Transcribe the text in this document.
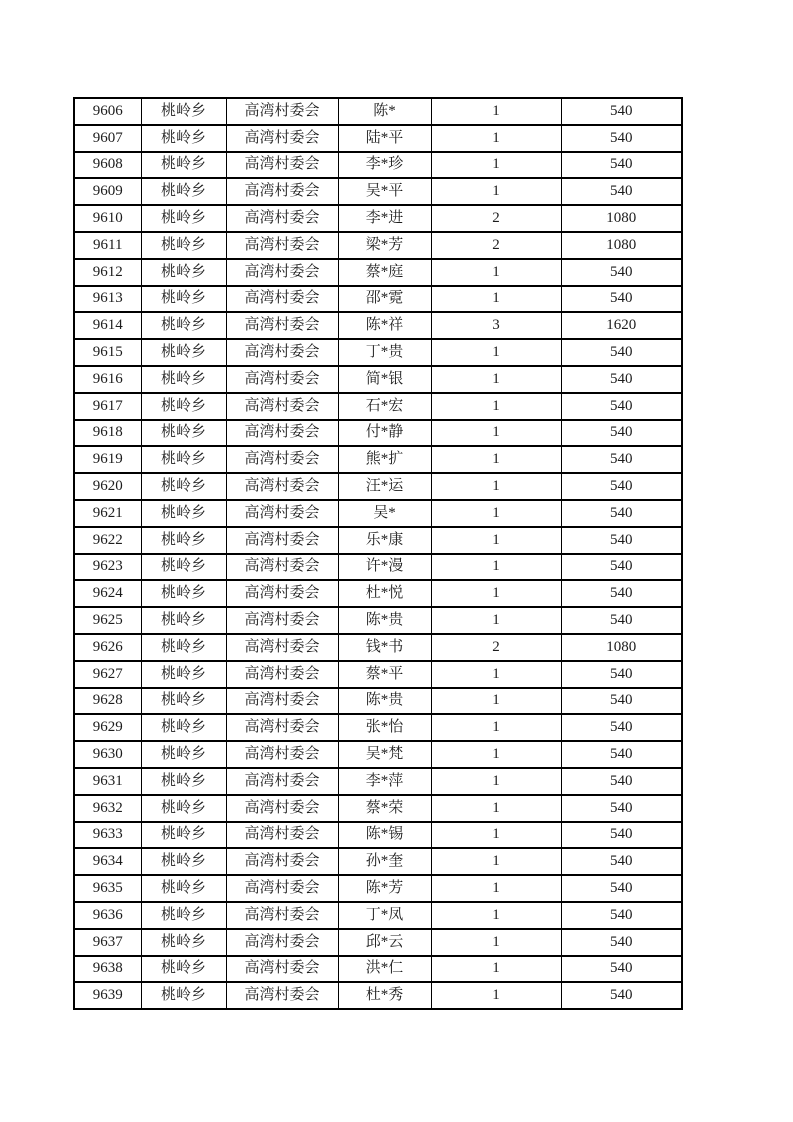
9606	桃岭乡	高湾村委会	陈*	1	540
9607	桃岭乡	高湾村委会	陆*平	1	540
9608	桃岭乡	高湾村委会	李*珍	1	540
9609	桃岭乡	高湾村委会	吴*平	1	540
9610	桃岭乡	高湾村委会	李*进	2	1080
9611	桃岭乡	高湾村委会	梁*芳	2	1080
9612	桃岭乡	高湾村委会	蔡*庭	1	540
9613	桃岭乡	高湾村委会	邵*霓	1	540
9614	桃岭乡	高湾村委会	陈*祥	3	1620
9615	桃岭乡	高湾村委会	丁*贵	1	540
9616	桃岭乡	高湾村委会	简*银	1	540
9617	桃岭乡	高湾村委会	石*宏	1	540
9618	桃岭乡	高湾村委会	付*静	1	540
9619	桃岭乡	高湾村委会	熊*扩	1	540
9620	桃岭乡	高湾村委会	汪*运	1	540
9621	桃岭乡	高湾村委会	吴*	1	540
9622	桃岭乡	高湾村委会	乐*康	1	540
9623	桃岭乡	高湾村委会	许*漫	1	540
9624	桃岭乡	高湾村委会	杜*悦	1	540
9625	桃岭乡	高湾村委会	陈*贵	1	540
9626	桃岭乡	高湾村委会	钱*书	2	1080
9627	桃岭乡	高湾村委会	蔡*平	1	540
9628	桃岭乡	高湾村委会	陈*贵	1	540
9629	桃岭乡	高湾村委会	张*怡	1	540
9630	桃岭乡	高湾村委会	吴*梵	1	540
9631	桃岭乡	高湾村委会	李*萍	1	540
9632	桃岭乡	高湾村委会	蔡*荣	1	540
9633	桃岭乡	高湾村委会	陈*锡	1	540
9634	桃岭乡	高湾村委会	孙*奎	1	540
9635	桃岭乡	高湾村委会	陈*芳	1	540
9636	桃岭乡	高湾村委会	丁*凤	1	540
9637	桃岭乡	高湾村委会	邱*云	1	540
9638	桃岭乡	高湾村委会	洪*仁	1	540
9639	桃岭乡	高湾村委会	杜*秀	1	540
